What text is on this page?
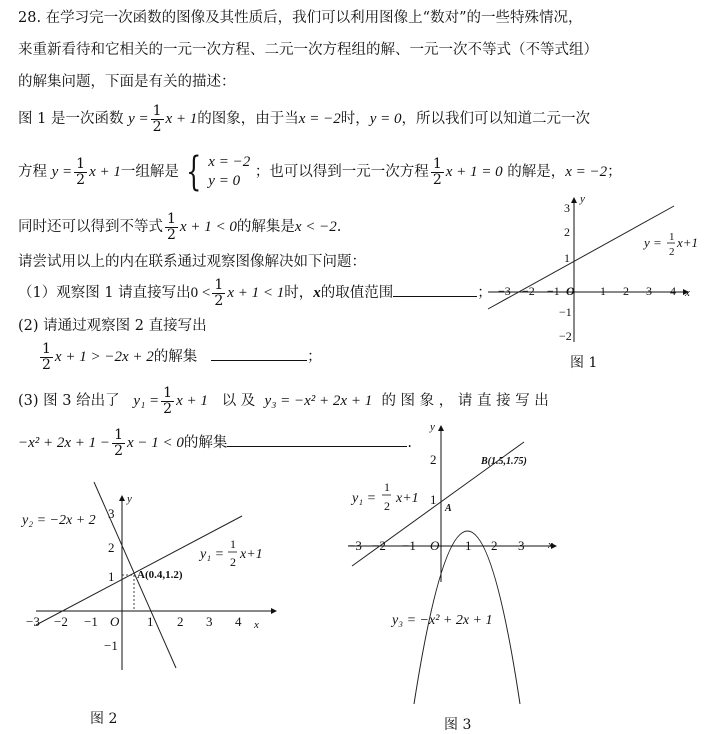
28. 在学习完一次函数的图像及其性质后，我们可以利用图像上“数对”的一些特殊情况，
来重新看待和它相关的一元一次方程、二元一次方程组的解、一元一次不等式（不等式组）
的解集问题，下面是有关的描述：
图 1 是一次函数 $y = \frac{1}{2}$ x + 1的图象，由于当x = −2时，y = 0，所以我们可以知道二元一次
方程 $y = \frac{1}{2}$ x + 1一组解是 { x = −2
y = 0
；也可以得到一元一次方程 $\frac{1}{2}$ x + 1 = 0 的解是，x = −2；
同时还可以得到不等式 $\frac{1}{2}$ x + 1 < 0的解集是x < −2.
请尝试用以上的内在联系通过观察图像解决如下问题：
（1）观察图 1 请直接写出$0 < \frac{1}{2}$ x + 1 < 1时，x的取值范围	；
(2) 请通过观察图 2 直接写出
$\frac{1}{2}$ x + 1 > −2x + 2的解集	；
(3) 图 3 给出了 $y_1 = \frac{1}{2}$ x + 1 以 及 y₃ = −x² + 2x + 1 的 图 象 ， 请 直 接 写 出
$-x^2 + 2x + 1 - \frac{1}{2}$ x − 1 < 0的解集	.
−3 −2 −1 O 1 2 3 4 x
y
3
2
1
−1
−2
y = 1
2
x+1
图 1
−3 −2 −1 O 1 2 3 4 x
y
3
2
1
−1
A(0.4,1.2)
y₂ = −2x + 2
y₁ =
1
2 x+1
图 2
−3 −2 −1 O 1 2 3 x
y
2
1
A
B(1.5,1.75)
y₁ =
1
2 x+1
y₃ = −x² + 2x + 1
图 3
